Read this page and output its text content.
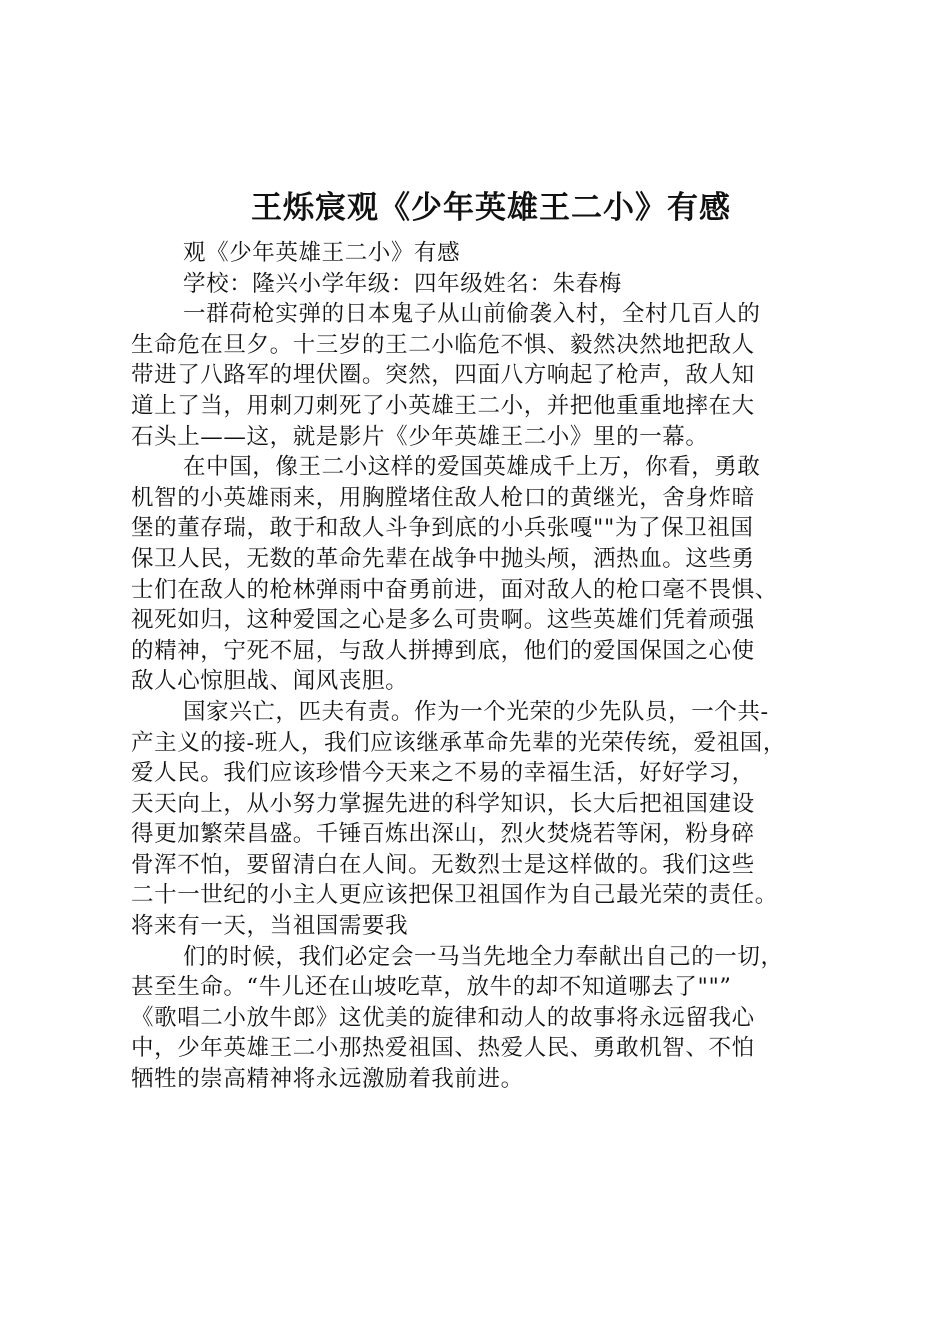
王烁宸观《少年英雄王二小》有感

观《少年英雄王二小》有感

学校：隆兴小学年级：四年级姓名：朱春梅

一群荷枪实弹的日本鬼子从山前偷袭入村，全村几百人的

生命危在旦夕。十三岁的王二小临危不惧、毅然决然地把敌人

带进了八路军的埋伏圈。突然，四面八方响起了枪声，敌人知

道上了当，用刺刀刺死了小英雄王二小，并把他重重地摔在大

石头上——这，就是影片《少年英雄王二小》里的一幕。

在中国，像王二小这样的爱国英雄成千上万，你看，勇敢

机智的小英雄雨来，用胸膛堵住敌人枪口的黄继光，舍身炸暗

堡的董存瑞，敢于和敌人斗争到底的小兵张嘎""为了保卫祖国

保卫人民，无数的革命先辈在战争中抛头颅，洒热血。这些勇

士们在敌人的枪林弹雨中奋勇前进，面对敌人的枪口毫不畏惧、

视死如归，这种爱国之心是多么可贵啊。这些英雄们凭着顽强

的精神，宁死不屈，与敌人拼搏到底，他们的爱国保国之心使

敌人心惊胆战、闻风丧胆。

国家兴亡，匹夫有责。作为一个光荣的少先队员，一个共-

产主义的接-班人，我们应该继承革命先辈的光荣传统，爱祖国，

爱人民。我们应该珍惜今天来之不易的幸福生活，好好学习，

天天向上，从小努力掌握先进的科学知识，长大后把祖国建设

得更加繁荣昌盛。千锤百炼出深山，烈火焚烧若等闲，粉身碎

骨浑不怕，要留清白在人间。无数烈士是这样做的。我们这些

二十一世纪的小主人更应该把保卫祖国作为自己最光荣的责任。

将来有一天，当祖国需要我

们的时候，我们必定会一马当先地全力奉献出自己的一切，

甚至生命。“牛儿还在山坡吃草，放牛的却不知道哪去了""”

《歌唱二小放牛郎》这优美的旋律和动人的故事将永远留我心

中，少年英雄王二小那热爱祖国、热爱人民、勇敢机智、不怕

牺牲的崇高精神将永远激励着我前进。
